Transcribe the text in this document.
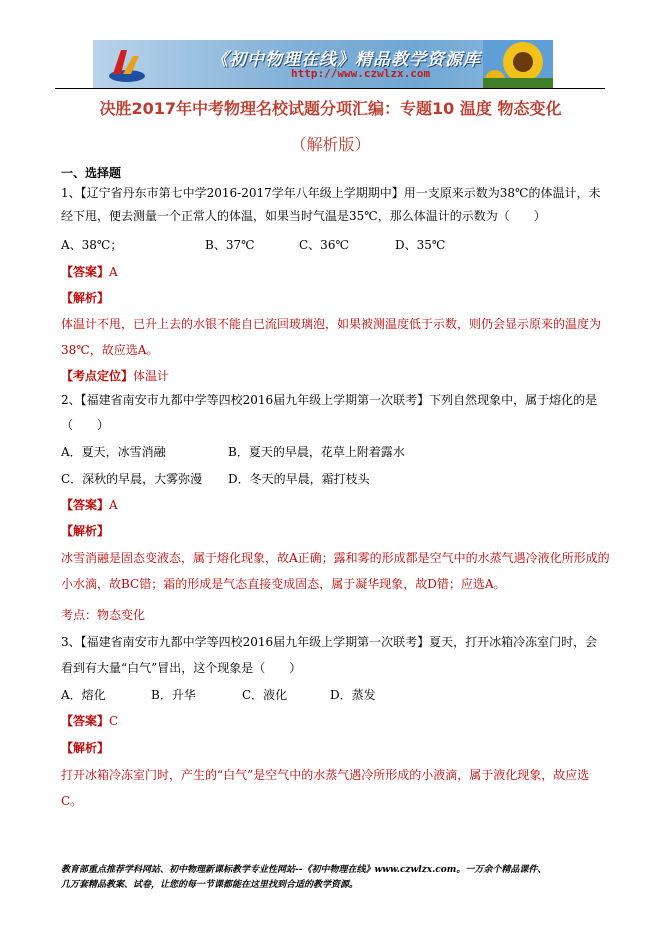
《初中物理在线》精品教学资源库
http://www.czwlzx.com
决胜2017年中考物理名校试题分项汇编：专题10 温度 物态变化
（解析版）
一、选择题
1、【辽宁省丹东市第七中学2016-2017学年八年级上学期期中】用一支原来示数为38℃的体温计，未
经下甩，便去测量一个正常人的体温，如果当时气温是35℃，那么体温计的示数为（　　）
A、38℃；	B、37℃	C、36℃	D、35℃
【答案】A
【解析】
体温计不甩，已升上去的水银不能自已流回玻璃泡，如果被测温度低于示数，则仍会显示原来的温度为
38℃，故应选A。
【考点定位】体温计
2、【福建省南安市九都中学等四校2016届九年级上学期第一次联考】下列自然现象中，属于熔化的是
（　　）
A．夏天，冰雪消融	B．夏天的早晨，花草上附着露水
C．深秋的早晨，大雾弥漫 D．冬天的早晨，霜打枝头
【答案】A
【解析】
冰雪消融是固态变液态，属于熔化现象，故A正确；露和雾的形成都是空气中的水蒸气遇冷液化所形成的
小水滴，故BC错；霜的形成是气态直接变成固态，属于凝华现象，故D错；应选A。
考点：物态变化
3、【福建省南安市九都中学等四校2016届九年级上学期第一次联考】夏天，打开冰箱冷冻室门时，会
看到有大量“白气”冒出，这个现象是（　　）
A．熔化	B．升华	C．液化	D．蒸发
【答案】C
【解析】
打开冰箱冷冻室门时，产生的“白气”是空气中的水蒸气遇冷所形成的小液滴，属于液化现象，故应选
C。
教育部重点推荐学科网站、初中物理新课标教学专业性网站--《初中物理在线》www.czwlzx.com。一万余个精品课件、
几万套精品教案、试卷，让您的每一节课都能在这里找到合适的教学资源。
